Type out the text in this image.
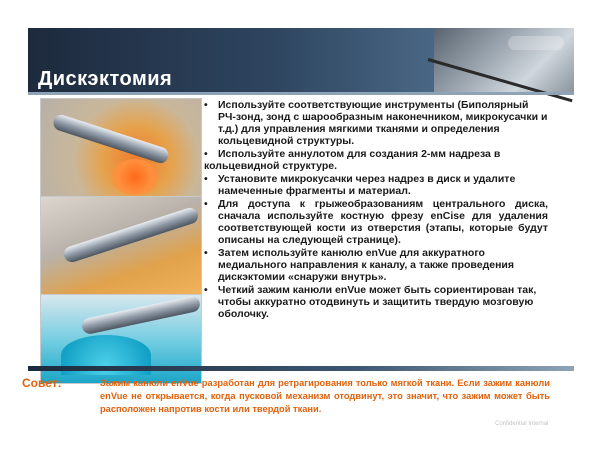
Дискэктомия

• Используйте соответствующие инструменты (Биполярный РЧ-зонд, зонд с шарообразным наконечником, микрокусачки и т.д.) для управления мягкими тканями и определения кольцевидной структуры.

• Используйте аннулотом для создания 2-мм надреза в

кольцевидной структуре.

• Установите микрокусачки через надрез в диск и удалите намеченные фрагменты и материал.

• Для доступа к грыжеобразованиям центрального диска, сначала используйте костную фрезу enCise для удаления соответствующей кости из отверстия (этапы, которые будут описаны на следующей странице).

• Затем используйте канюлю enVue для аккуратного медиального направления к каналу, а также проведения дискэктомии «снаружи внутрь».

• Четкий зажим канюли enVue может быть сориентирован так, чтобы аккуратно отодвинуть и защитить твердую мозговую оболочку.

Совет:	Зажим канюли enVue разработан для ретрагирования только мягкой ткани. Если зажим канюли enVue не открывается, когда пусковой механизм отодвинут, это значит, что зажим может быть расположен напротив кости или твердой ткани.
Confidential Internal
